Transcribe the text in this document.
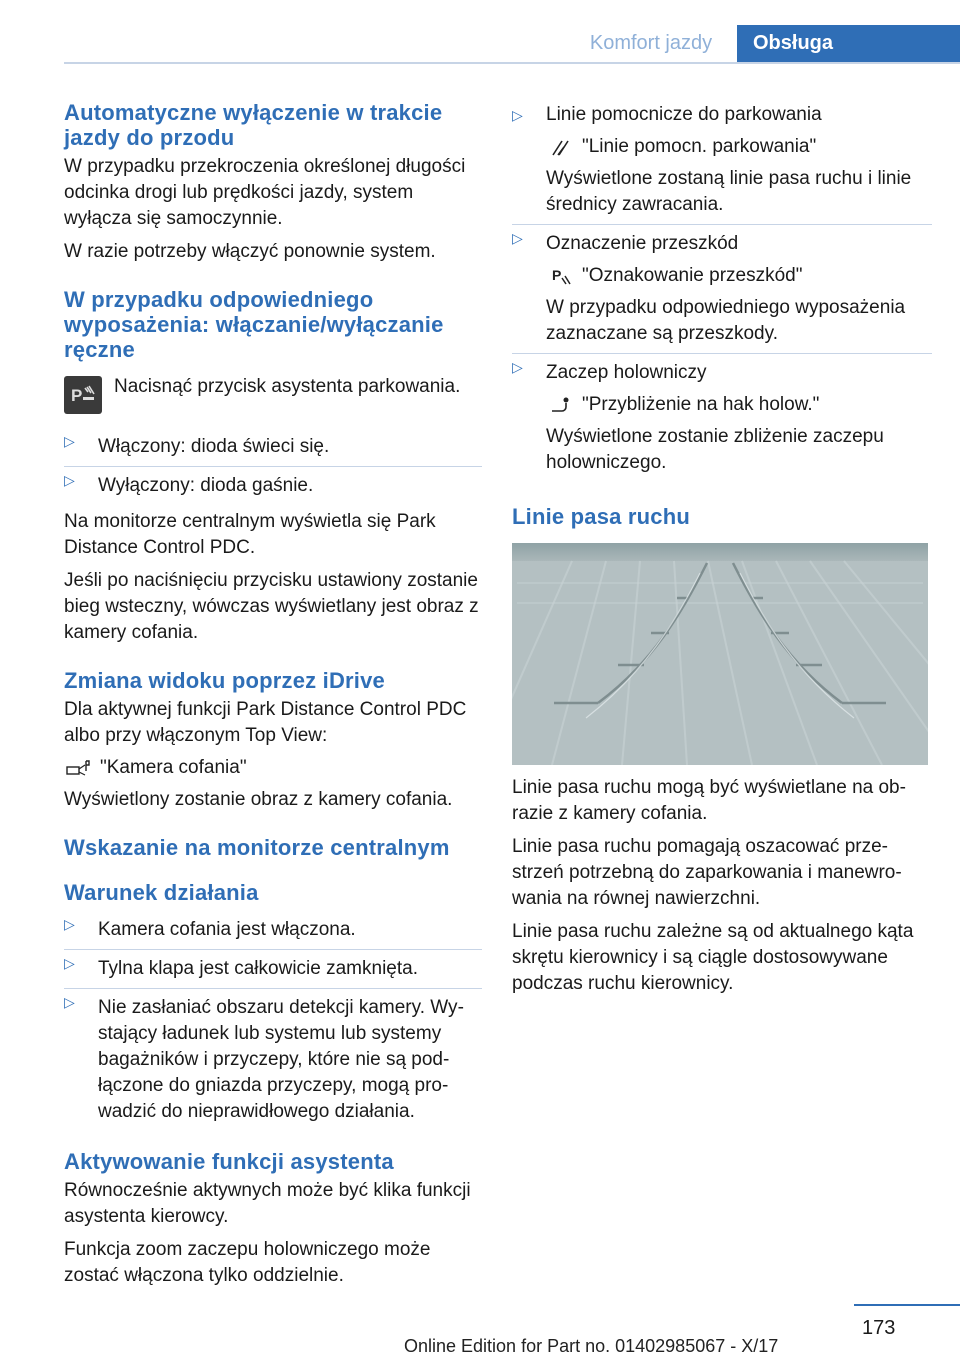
Komfort jazdy	Obsługa
Automatyczne wyłączenie w trakcie jazdy do przodu

W przypadku przekroczenia określonej długości odcinka drogi lub prędkości jazdy, system wyłącza się samoczynnie.

W razie potrzeby włączyć ponownie system.

W przypadku odpowiedniego wyposażenia: włączanie/wyłączanie ręczne
P Nacisnąć przycisk asystenta parkowania.
▷ Włączony: dioda świeci się.
▷ Wyłączony: dioda gaśnie.

Na monitorze centralnym wyświetla się Park Distance Control PDC.

Jeśli po naciśnięciu przycisku ustawiony zostanie bieg wsteczny, wówczas wyświetlany jest obraz z kamery cofania.

Zmiana widoku poprzez iDrive

Dla aktywnej funkcji Park Distance Control PDC albo przy włączonym Top View:

"Kamera cofania"

Wyświetlony zostanie obraz z kamery cofania.

Wskazanie na monitorze centralnym
Warunek działania
▷ Kamera cofania jest włączona.
▷ Tylna klapa jest całkowicie zamknięta.
▷ Nie zasłaniać obszaru detekcji kamery. Wystający ładunek lub systemu lub systemy bagażników i przyczepy, które nie są podłączone do gniazda przyczepy, mogą prowadzić do nieprawidłowego działania.
Aktywowanie funkcji asystenta

Równocześnie aktywnych może być klika funkcji asystenta kierowcy.

Funkcja zoom zaczepu holowniczego może zostać włączona tylko oddzielnie.

▷ Linie pomocnicze do parkowania
"Linie pomocn. parkowania"
Wyświetlone zostaną linie pasa ruchu i linie średnicy zawracania.
▷ Oznaczenie przeszkód
P "Oznakowanie przeszkód"
W przypadku odpowiedniego wyposażenia zaznaczane są przeszkody.
▷ Zaczep holowniczy
"Przybliżenie na hak holow."
Wyświetlone zostanie zbliżenie zaczepu holowniczego.
Linie pasa ruchu

Linie pasa ruchu mogą być wyświetlane na obrazie z kamery cofania.

Linie pasa ruchu pomagają oszacować przestrzeń potrzebną do zaparkowania i manewrowania na równej nawierzchni.

Linie pasa ruchu zależne są od aktualnego kąta skrętu kierownicy i są ciągle dostosowywane podczas ruchu kierownicy.

173
Online Edition for Part no. 01402985067 - X/17
